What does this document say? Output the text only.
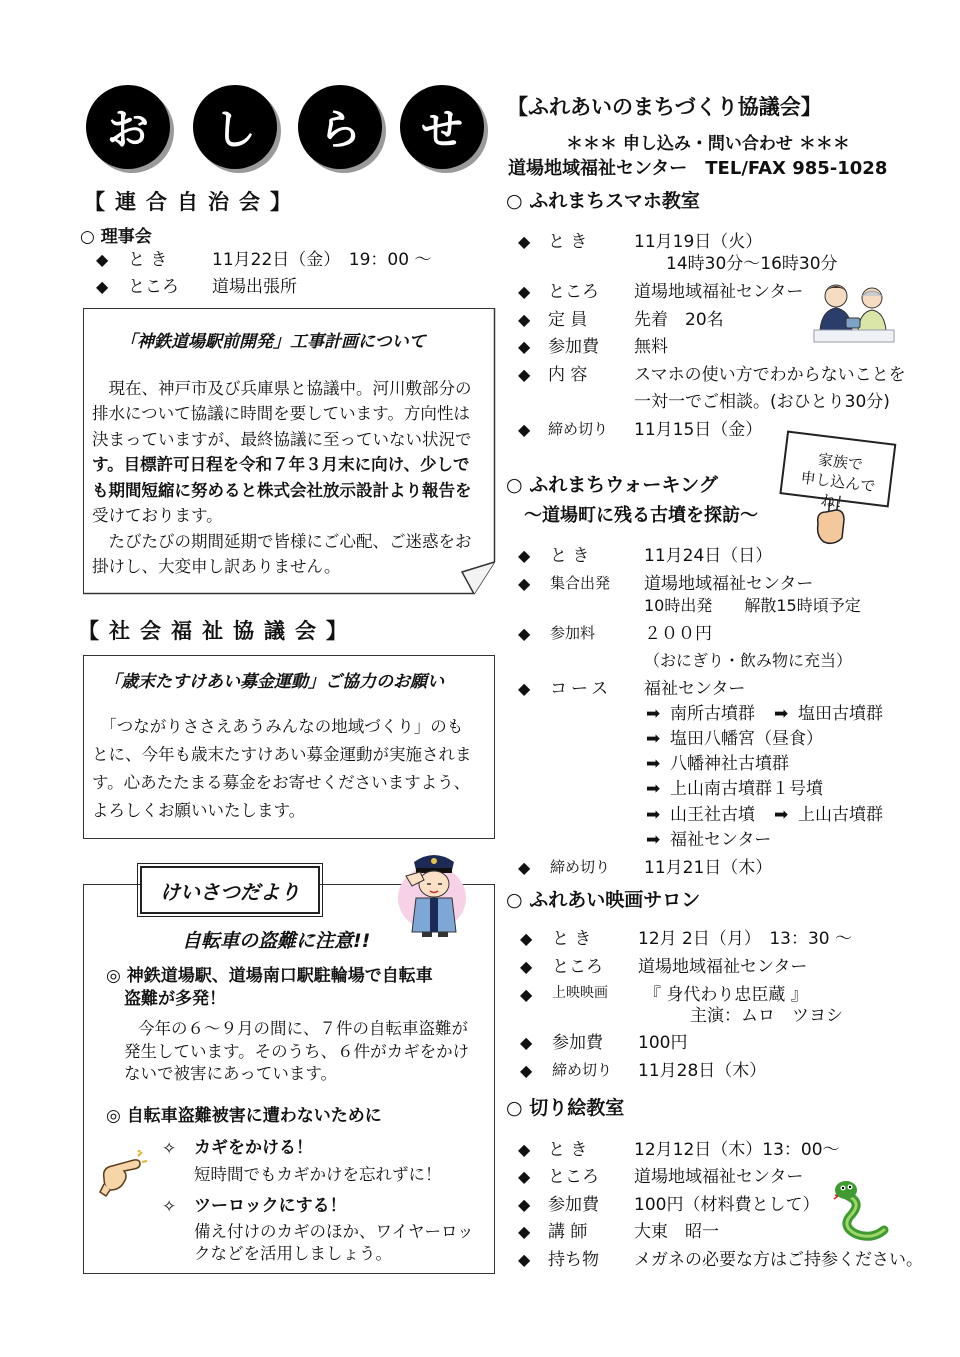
お	し	ら	せ
【連合自治会】
○ 理事会
◆ と き	11月22日（金）　19：00 ～
◆ ところ 道場出張所
「神鉄道場駅前開発」工事計画について
　現在、神戸市及び兵庫県と協議中。河川敷部分の
排水について協議に時間を要しています。方向性は
決まっていますが、最終協議に至っていない状況で
す。目標許可日程を令和７年３月末に向け、少しで
も期間短縮に努めると株式会社放示設計より報告を
受けております。
　たびたびの期間延期で皆様にご心配、ご迷惑をお
掛けし、大変申し訳ありません。
【社会福祉協議会】
「歳末たすけあい募金運動」ご協力のお願い
　「つながりささえあうみんなの地域づくり」のも
とに、今年も歳末たすけあい募金運動が実施されま
す。心あたたまる募金をお寄せくださいますよう、
よろしくお願いいたします。
けいさつだより
自転車の盗難に注意!!
◎ 神鉄道場駅、道場南口駅駐輪場で自転車
盗難が多発！
今年の６～９月の間に、７件の自転車盗難が
発生しています。そのうち、６件がカギをかけ
ないで被害にあっています。
◎ 自転車盗難被害に遭わないために
✧ カギをかける！
短時間でもカギかけを忘れずに！
✧ ツーロックにする！
備え付けのカギのほか、ワイヤーロッ
クなどを活用しましょう。
【ふれあいのまちづくり協議会】
＊＊＊ 申し込み・問い合わせ ＊＊＊
道場地域福祉センター　TEL/FAX 985-1028
○ ふれまちスマホ教室
◆ と き	11月19日（火）
14時30分～16時30分
◆ ところ 道場地域福祉センター
◆ 定 員	先着　20名
◆ 参加費 無料
◆ 内 容	スマホの使い方でわからないことを
一対一でご相談。(おひとり30分)
◆ 締め切り 11月15日（金）
家族で
申し込んでね！
○ ふれまちウォーキング
～道場町に残る古墳を探訪～
◆ と き	11月24日（日）
◆ 集合出発 道場地域福祉センター
10時出発　　解散15時頃予定
◆ 参加料	２００円
（おにぎり・飲み物に充当）
◆ コース 福祉センター
➡ 南所古墳群 ➡ 塩田古墳群
➡ 塩田八幡宮（昼食）
➡ 八幡神社古墳群
➡ 上山南古墳群１号墳
➡ 山王社古墳 ➡ 上山古墳群
➡ 福祉センター
◆ 締め切り 11月21日（木）
○ ふれあい映画サロン
◆ と き	12月 2日（月）　13：30 ～
◆ ところ 道場地域福祉センター
◆ 上映映画 『 身代わり忠臣蔵 』
主演：ムロ　ツヨシ
◆ 参加費 100円
◆ 締め切り 11月28日（木）
○ 切り絵教室
◆ と き	12月12日（木）13：00～
◆ ところ 道場地域福祉センター
◆ 参加費 100円（材料費として）
◆ 講 師	大東　昭一
◆ 持ち物 メガネの必要な方はご持参ください。
